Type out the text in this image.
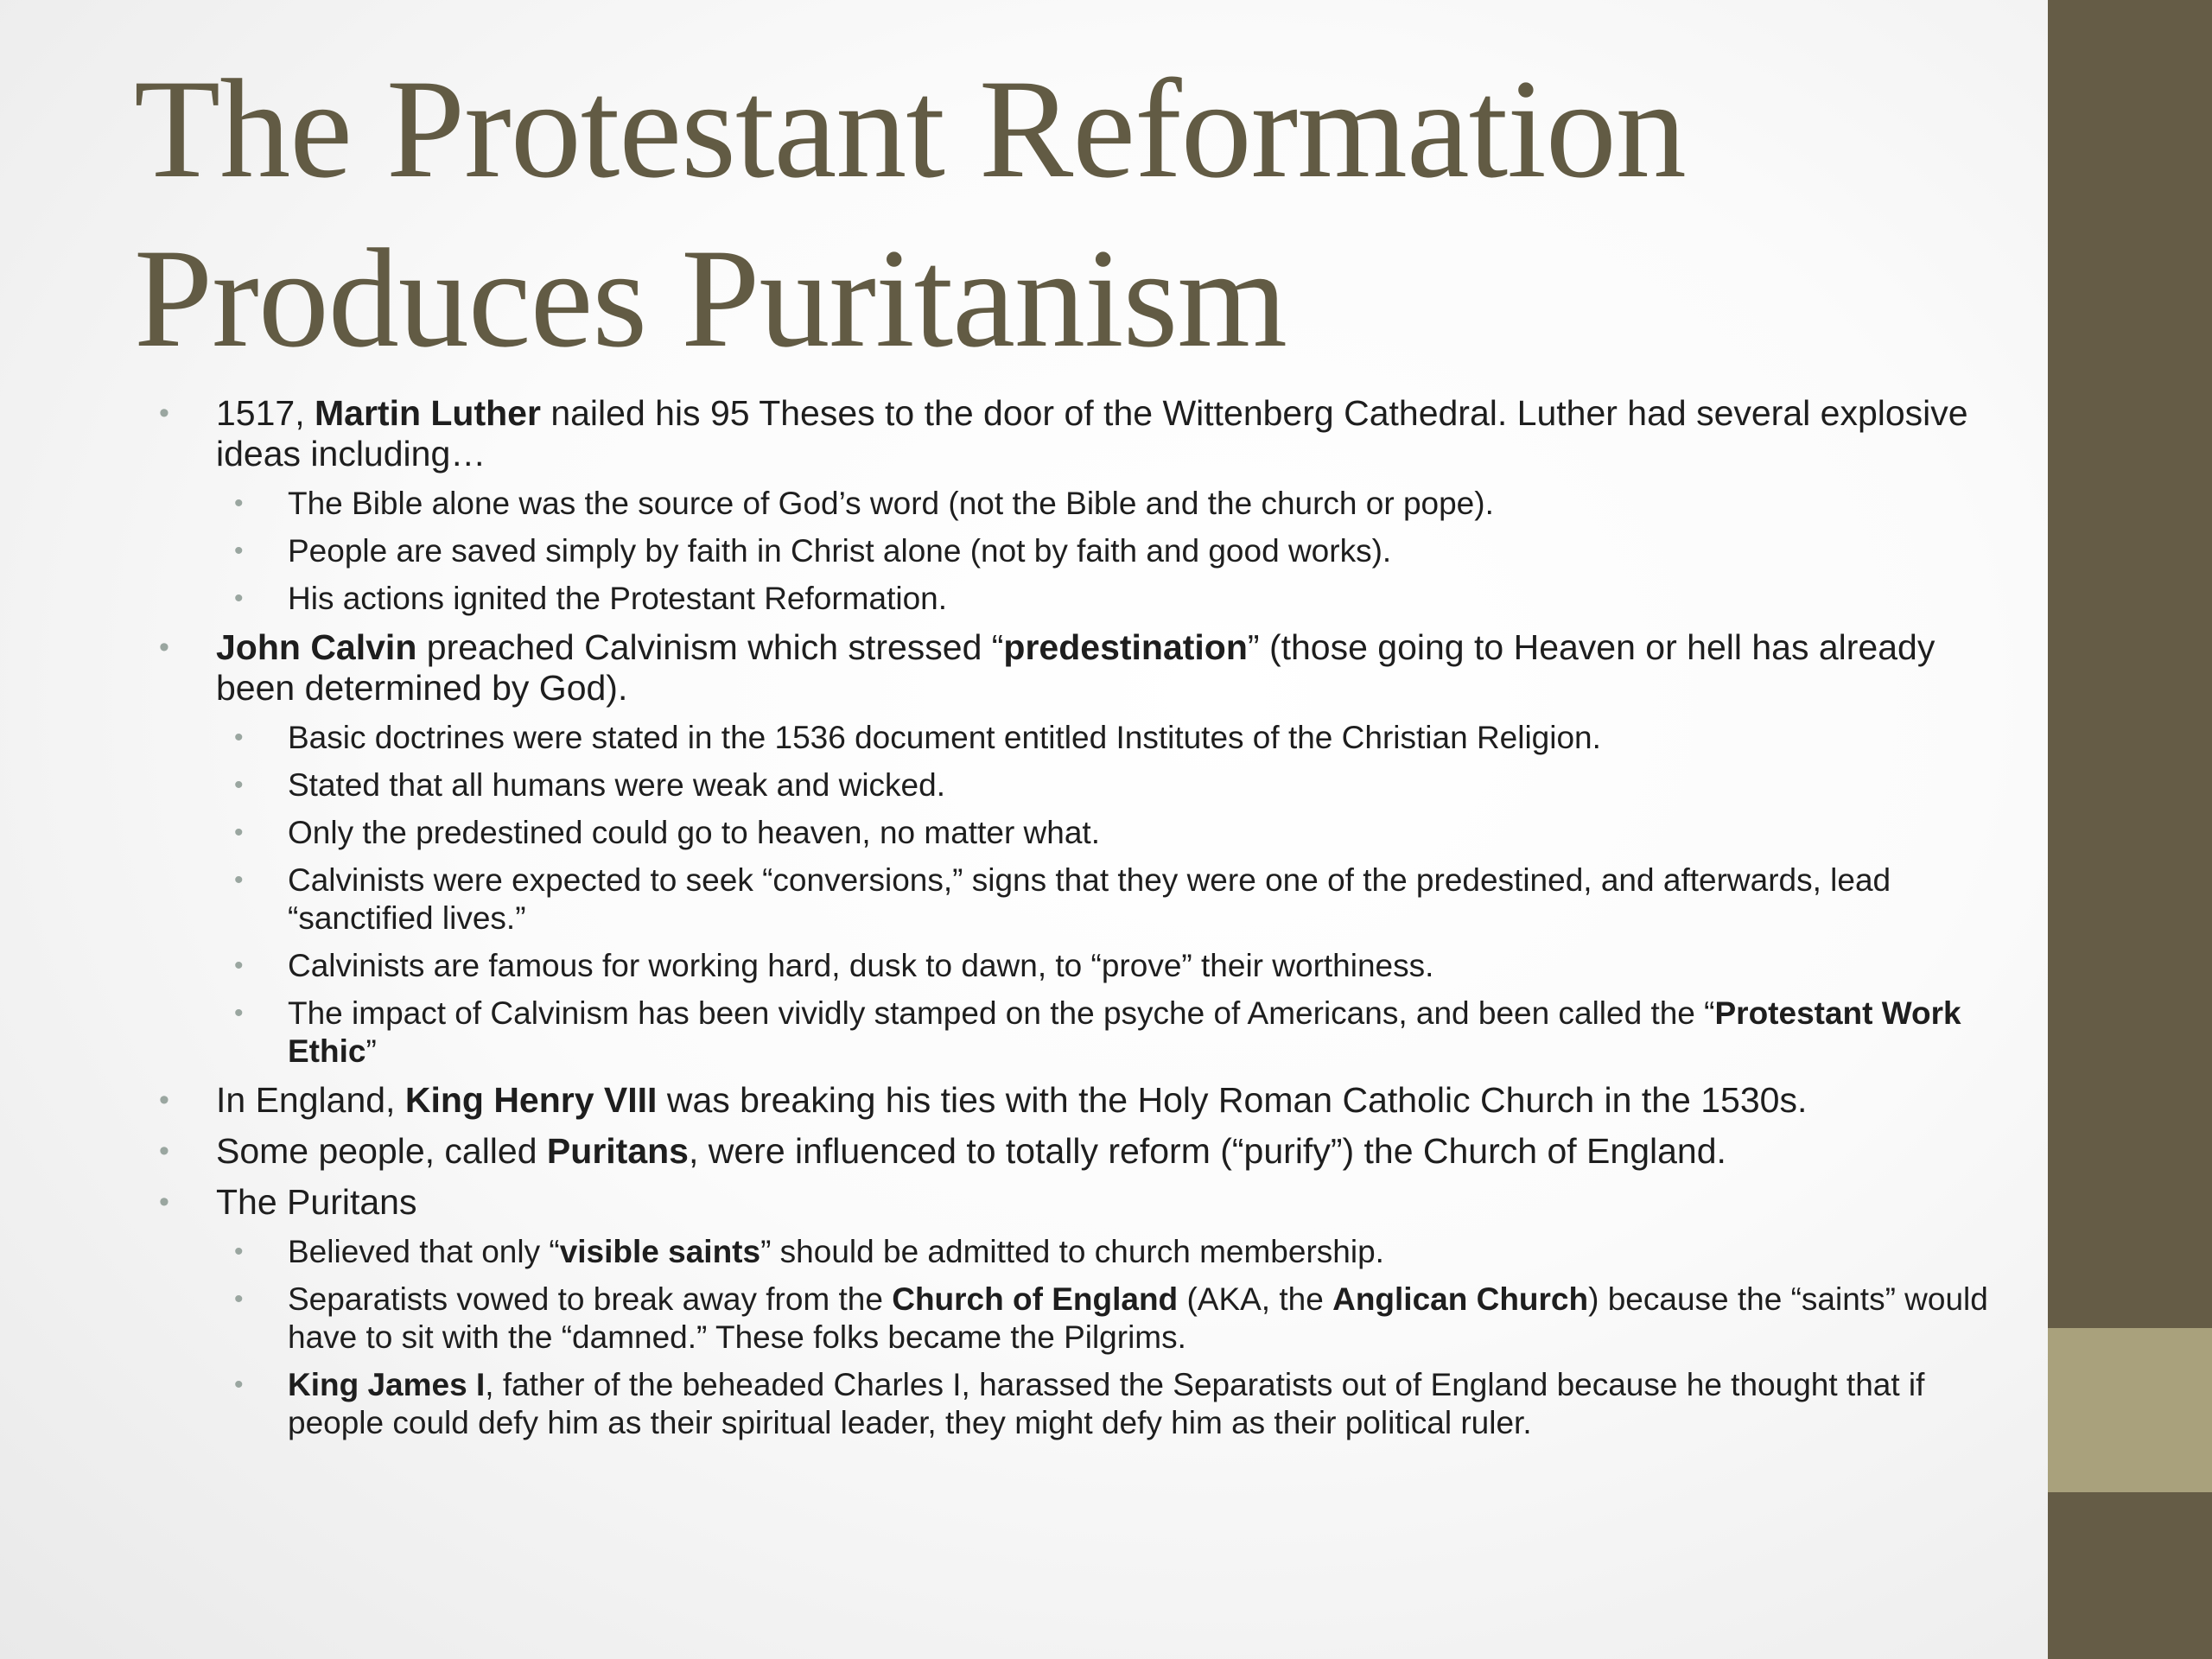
The Protestant Reformation
Produces Puritanism
• 1517, Martin Luther nailed his 95 Theses to the door of the Wittenberg Cathedral. Luther had several explosive ideas including…
• The Bible alone was the source of God’s word (not the Bible and the church or pope).
• People are saved simply by faith in Christ alone (not by faith and good works).
• His actions ignited the Protestant Reformation.
• John Calvin preached Calvinism which stressed “predestination” (those going to Heaven or hell has already been determined by God).
• Basic doctrines were stated in the 1536 document entitled Institutes of the Christian Religion.
• Stated that all humans were weak and wicked.
• Only the predestined could go to heaven, no matter what.
• Calvinists were expected to seek “conversions,” signs that they were one of the predestined, and afterwards, lead “sanctified lives.”
• Calvinists are famous for working hard, dusk to dawn, to “prove” their worthiness.
• The impact of Calvinism has been vividly stamped on the psyche of Americans, and been called the “Protestant Work Ethic”
• In England, King Henry VIII was breaking his ties with the Holy Roman Catholic Church in the 1530s.
• Some people, called Puritans, were influenced to totally reform (“purify”) the Church of England.
• The Puritans
• Believed that only “visible saints” should be admitted to church membership.
• Separatists vowed to break away from the Church of England (AKA, the Anglican Church) because the “saints” would have to sit with the “damned.” These folks became the Pilgrims.
• King James I, father of the beheaded Charles I, harassed the Separatists out of England because he thought that if people could defy him as their spiritual leader, they might defy him as their political ruler.
